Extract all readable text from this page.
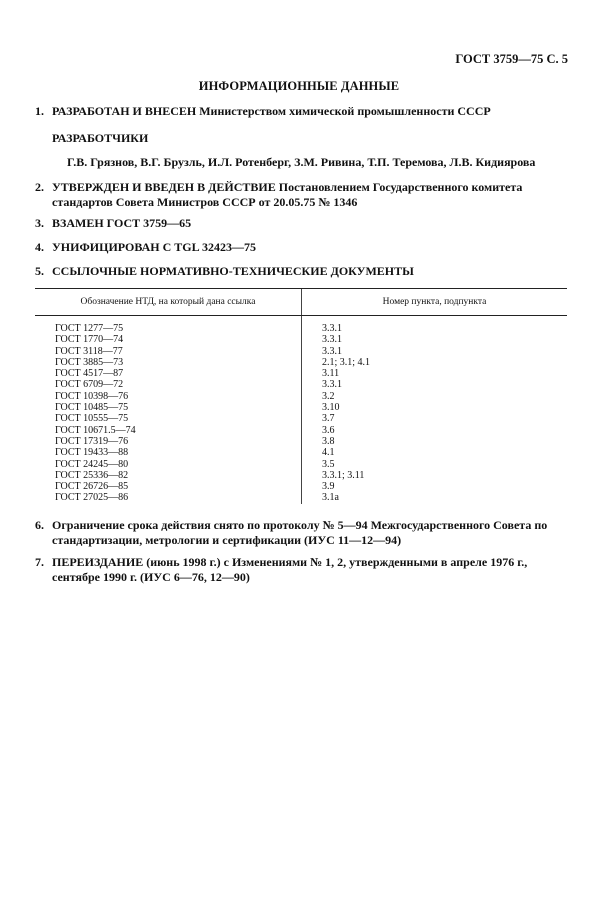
ГОСТ 3759—75 С. 5
ИНФОРМАЦИОННЫЕ ДАННЫЕ
1. РАЗРАБОТАН И ВНЕСЕН Министерством химической промышленности СССР
РАЗРАБОТЧИКИ
Г.В. Грязнов, В.Г. Брузль, И.Л. Ротенберг, З.М. Ривина, Т.П. Теремова, Л.В. Кидиярова
2. УТВЕРЖДЕН И ВВЕДЕН В ДЕЙСТВИЕ Постановлением Государственного комитета стандартов Совета Министров СССР от 20.05.75 № 1346
3. ВЗАМЕН ГОСТ 3759—65
4. УНИФИЦИРОВАН С TGL 32423—75
5. ССЫЛОЧНЫЕ НОРМАТИВНО-ТЕХНИЧЕСКИЕ ДОКУМЕНТЫ
Обозначение НТД, на который дана ссылка	Номер пункта, подпункта

ГОСТ 1277—75	3.3.1
ГОСТ 1770—74	3.3.1
ГОСТ 3118—77	3.3.1
ГОСТ 3885—73	2.1; 3.1; 4.1
ГОСТ 4517—87	3.11
ГОСТ 6709—72	3.3.1
ГОСТ 10398—76	3.2
ГОСТ 10485—75	3.10
ГОСТ 10555—75	3.7
ГОСТ 10671.5—74	3.6
ГОСТ 17319—76	3.8
ГОСТ 19433—88	4.1
ГОСТ 24245—80	3.5
ГОСТ 25336—82	3.3.1; 3.11
ГОСТ 26726—85	3.9
ГОСТ 27025—86	3.1а
6. Ограничение срока действия снято по протоколу № 5—94 Межгосударственного Совета по стандартизации, метрологии и сертификации (ИУС 11—12—94)
7. ПЕРЕИЗДАНИЕ (июнь 1998 г.) с Изменениями № 1, 2, утвержденными в апреле 1976 г., сентябре 1990 г. (ИУС 6—76, 12—90)
